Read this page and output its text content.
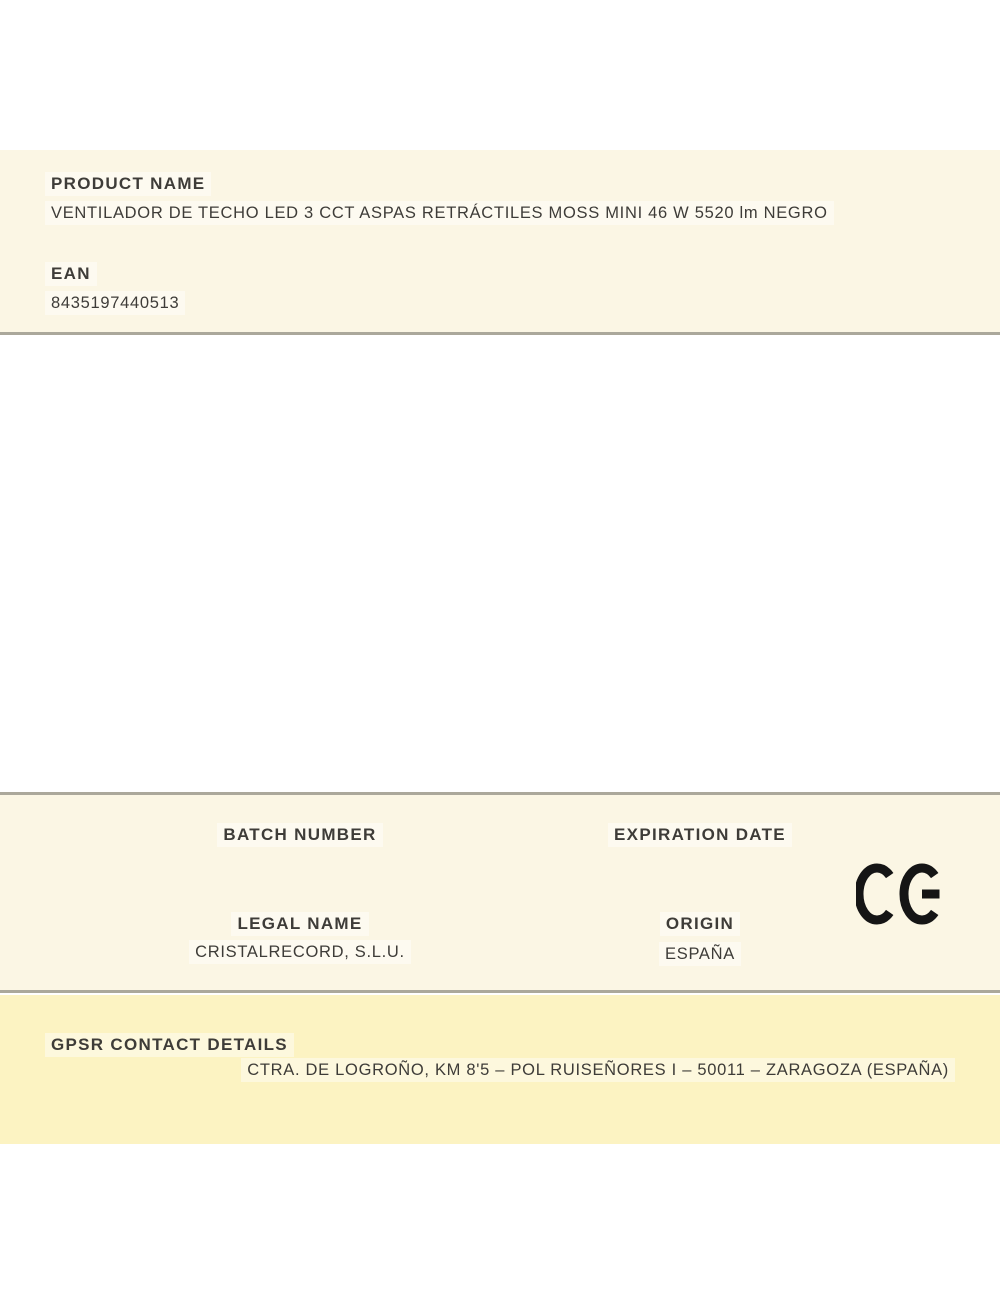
PRODUCT NAME
VENTILADOR DE TECHO LED 3 CCT ASPAS RETRÁCTILES MOSS MINI 46 W 5520 lm NEGRO
EAN
8435197440513
BATCH NUMBER	EXPIRATION DATE
LEGAL NAME
CRISTALRECORD, S.L.U.
ORIGIN
ESPAÑA
GPSR CONTACT DETAILS
CTRA. DE LOGROÑO, KM 8'5 – POL RUISEÑORES I – 50011 – ZARAGOZA (ESPAÑA)
